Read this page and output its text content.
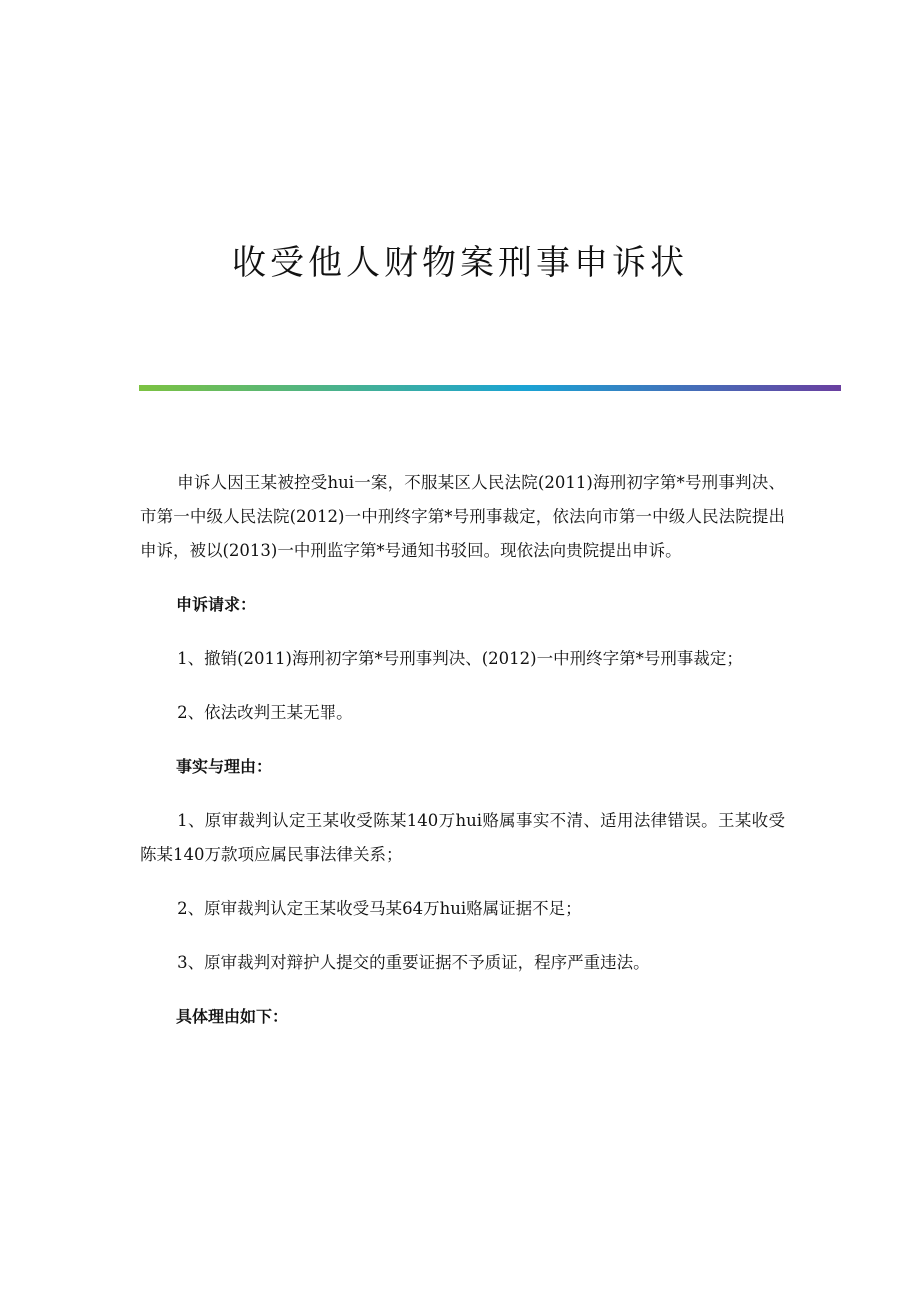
收受他人财物案刑事申诉状

申诉人因王某被控受hui一案，不服某区人民法院(2011)海刑初字第*号刑事判决、市第一中级人民法院(2012)一中刑终字第*号刑事裁定，依法向市第一中级人民法院提出申诉，被以(2013)一中刑监字第*号通知书驳回。现依法向贵院提出申诉。

申诉请求：

1、撤销(2011)海刑初字第*号刑事判决、(2012)一中刑终字第*号刑事裁定；

2、依法改判王某无罪。

事实与理由：

1、原审裁判认定王某收受陈某140万hui赂属事实不清、适用法律错误。王某收受陈某140万款项应属民事法律关系；

2、原审裁判认定王某收受马某64万hui赂属证据不足；

3、原审裁判对辩护人提交的重要证据不予质证，程序严重违法。

具体理由如下：
